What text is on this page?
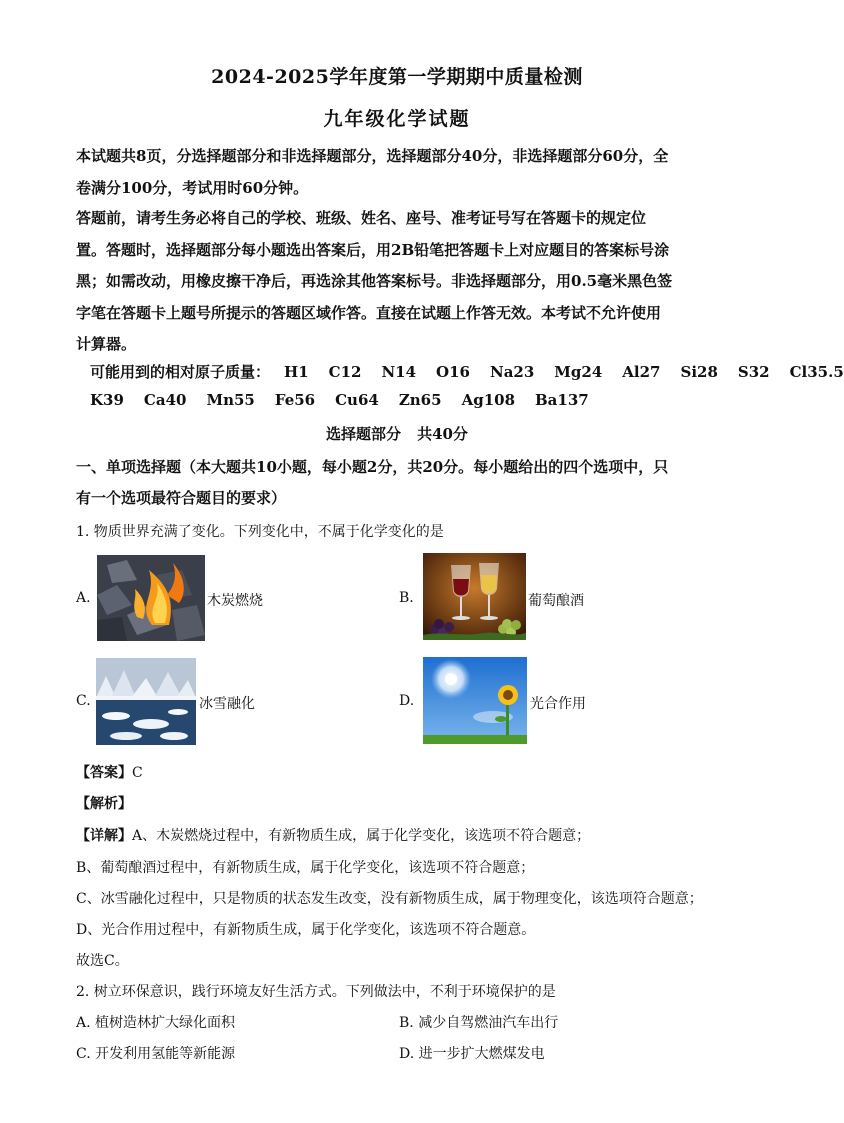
2024-2025学年度第一学期期中质量检测
九年级化学试题
本试题共8页，分选择题部分和非选择题部分，选择题部分40分，非选择题部分60分，全
卷满分100分，考试用时60分钟。
答题前，请考生务必将自己的学校、班级、姓名、座号、准考证号写在答题卡的规定位
置。答题时，选择题部分每小题选出答案后，用2B铅笔把答题卡上对应题目的答案标号涂
黑；如需改动，用橡皮擦干净后，再选涂其他答案标号。非选择题部分，用0.5毫米黑色签
字笔在答题卡上题号所提示的答题区域作答。直接在试题上作答无效。本考试不允许使用
计算器。
可能用到的相对原子质量： H1 C12 N14 O16 Na23 Mg24 Al27 Si28 S32 Cl35.5
K39 Ca40 Mn55 Fe56 Cu64 Zn65 Ag108 Ba137
选择题部分 共40分
一、单项选择题（本大题共10小题，每小题2分，共20分。每小题给出的四个选项中，只
有一个选项最符合题目的要求）
1. 物质世界充满了变化。下列变化中，不属于化学变化的是
A.	木炭燃烧	B.	葡萄酿酒
C.	冰雪融化	D.	光合作用
【答案】C
【解析】
【详解】A、木炭燃烧过程中，有新物质生成，属于化学变化，该选项不符合题意；
B、葡萄酿酒过程中，有新物质生成，属于化学变化，该选项不符合题意；
C、冰雪融化过程中，只是物质的状态发生改变，没有新物质生成，属于物理变化，该选项符合题意；
D、光合作用过程中，有新物质生成，属于化学变化，该选项不符合题意。
故选C。
2. 树立环保意识，践行环境友好生活方式。下列做法中，不利于环境保护的是
A. 植树造林扩大绿化面积	B. 减少自驾燃油汽车出行
C. 开发利用氢能等新能源	D. 进一步扩大燃煤发电
